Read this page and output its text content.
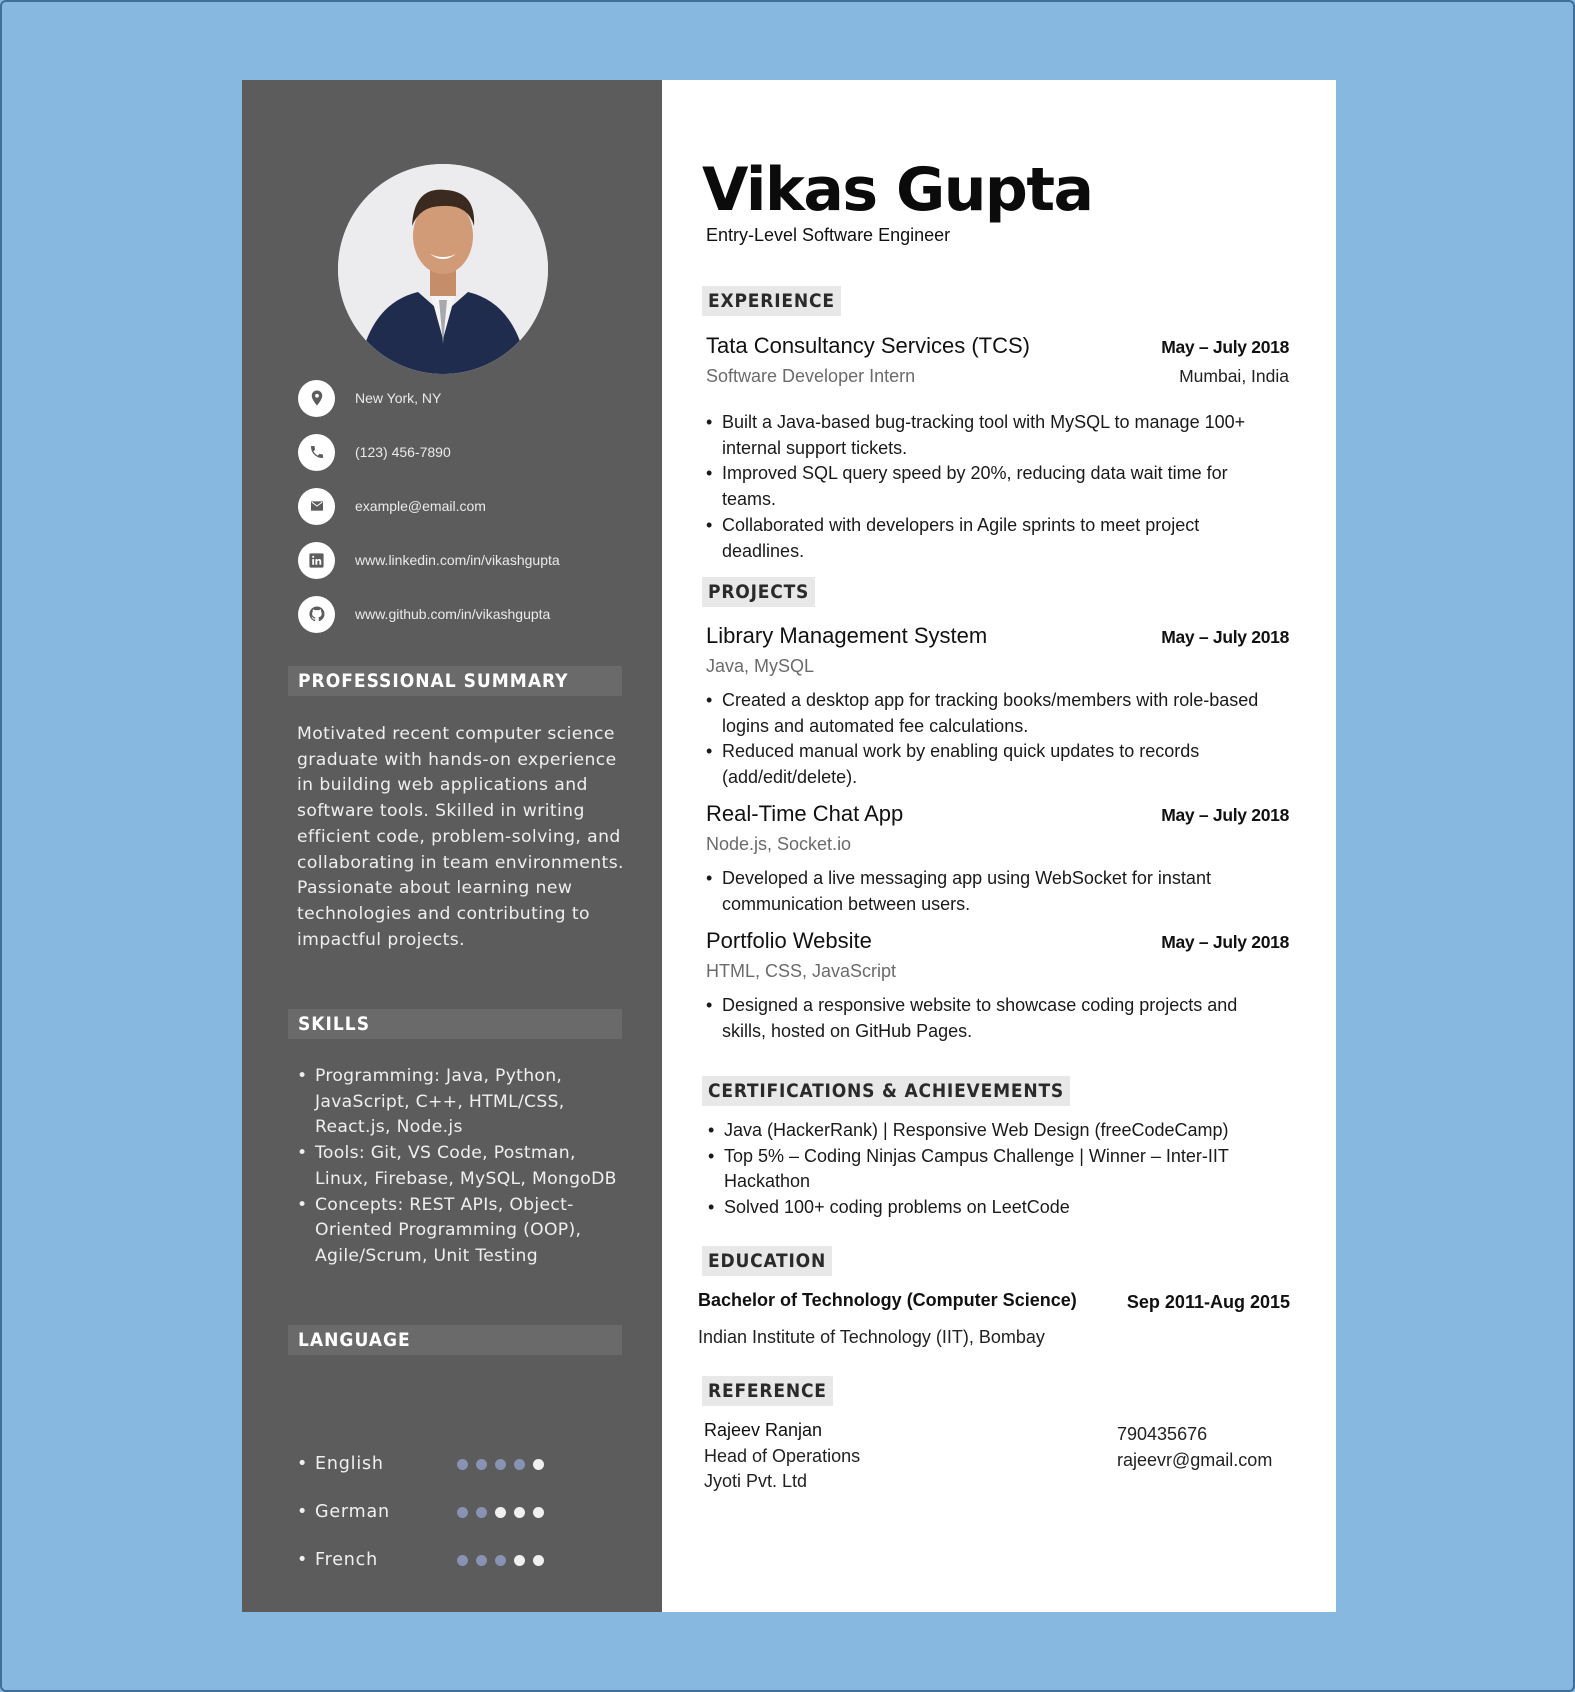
New York, NY
(123) 456-7890
example@email.com
www.linkedin.com/in/vikashgupta
www.github.com/in/vikashgupta
PROFESSIONAL SUMMARY

Motivated recent computer science graduate with hands-on experience in building web applications and software tools. Skilled in writing efficient code, problem-solving, and collaborating in team environments. Passionate about learning new technologies and contributing to impactful projects.

SKILLS
• Programming: Java, Python, JavaScript, C++, HTML/CSS, React.js, Node.js
• Tools: Git, VS Code, Postman, Linux, Firebase, MySQL, MongoDB
• Concepts: REST APIs, Object-Oriented Programming (OOP), Agile/Scrum, Unit Testing
LANGUAGE
• English
• German
• French
Vikas Gupta
Entry-Level Software Engineer
EXPERIENCE
Tata Consultancy Services (TCS)	May – July 2018
Software Developer Intern	Mumbai, India
• Built a Java-based bug-tracking tool with MySQL to manage 100+ internal support tickets.
• Improved SQL query speed by 20%, reducing data wait time for teams.
• Collaborated with developers in Agile sprints to meet project deadlines.
PROJECTS
Library Management System	May – July 2018
Java, MySQL
• Created a desktop app for tracking books/members with role-based logins and automated fee calculations.
• Reduced manual work by enabling quick updates to records (add/edit/delete).
Real-Time Chat App	May – July 2018
Node.js, Socket.io
• Developed a live messaging app using WebSocket for instant communication between users.
Portfolio Website	May – July 2018
HTML, CSS, JavaScript
• Designed a responsive website to showcase coding projects and skills, hosted on GitHub Pages.
CERTIFICATIONS & ACHIEVEMENTS
• Java (HackerRank) | Responsive Web Design (freeCodeCamp)
• Top 5% – Coding Ninjas Campus Challenge | Winner – Inter-IIT Hackathon
• Solved 100+ coding problems on LeetCode
EDUCATION
Bachelor of Technology (Computer Science)	Sep 2011-Aug 2015
Indian Institute of Technology (IIT), Bombay
REFERENCE
Rajeev Ranjan
Head of Operations
Jyoti Pvt. Ltd
790435676
rajeevr@gmail.com
